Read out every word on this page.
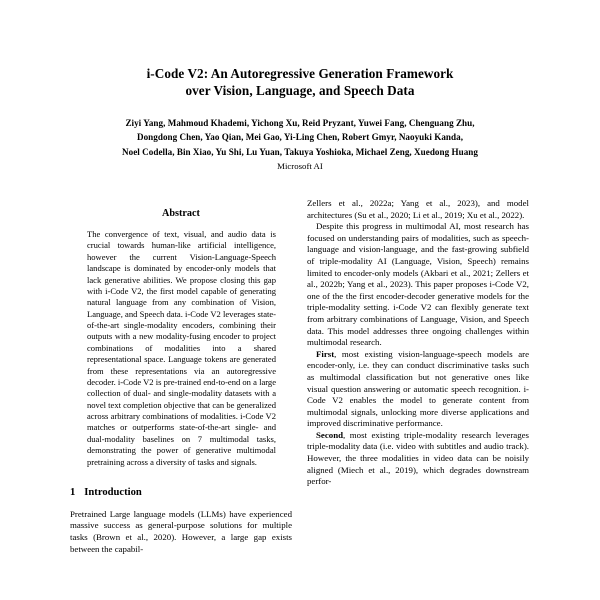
i-Code V2: An Autoregressive Generation Framework
over Vision, Language, and Speech Data
Ziyi Yang, Mahmoud Khademi, Yichong Xu, Reid Pryzant, Yuwei Fang, Chenguang Zhu,
Dongdong Chen, Yao Qian, Mei Gao, Yi-Ling Chen, Robert Gmyr, Naoyuki Kanda,
Noel Codella, Bin Xiao, Yu Shi, Lu Yuan, Takuya Yoshioka, Michael Zeng, Xuedong Huang
Microsoft AI
Abstract
The convergence of text, visual, and audio data is crucial towards human-like artificial intelligence, however the current Vision-Language-Speech landscape is dominated by encoder-only models that lack generative abilities. We propose closing this gap with i-Code V2, the first model capable of generating natural language from any combination of Vision, Language, and Speech data. i-Code V2 leverages state-of-the-art single-modality encoders, combining their outputs with a new modality-fusing encoder to project combinations of modalities into a shared representational space. Language tokens are generated from these representations via an autoregressive decoder. i-Code V2 is pre-trained end-to-end on a large collection of dual- and single-modality datasets with a novel text completion objective that can be generalized across arbitrary combinations of modalities. i-Code V2 matches or outperforms state-of-the-art single- and dual-modality baselines on 7 multimodal tasks, demonstrating the power of generative multimodal pretraining across a diversity of tasks and signals.
1 Introduction

Pretrained Large language models (LLMs) have experienced massive success as general-purpose solutions for multiple tasks (Brown et al., 2020). However, a large gap exists between the capabil-

Zellers et al., 2022a; Yang et al., 2023), and model architectures (Su et al., 2020; Li et al., 2019; Xu et al., 2022).

Despite this progress in multimodal AI, most research has focused on understanding pairs of modalities, such as speech-language and vision-language, and the fast-growing subfield of triple-modality AI (Language, Vision, Speech) remains limited to encoder-only models (Akbari et al., 2021; Zellers et al., 2022b; Yang et al., 2023). This paper proposes i-Code V2, one of the the first encoder-decoder generative models for the triple-modality setting. i-Code V2 can flexibly generate text from arbitrary combinations of Language, Vision, and Speech data. This model addresses three ongoing challenges within multimodal research.

First, most existing vision-language-speech models are encoder-only, i.e. they can conduct discriminative tasks such as multimodal classification but not generative ones like visual question answering or automatic speech recognition. i-Code V2 enables the model to generate content from multimodal signals, unlocking more diverse applications and improved discriminative performance.

Second, most existing triple-modality research leverages triple-modality data (i.e. video with subtitles and audio track). However, the three modalities in video data can be noisily aligned (Miech et al., 2019), which degrades downstream perfor-
